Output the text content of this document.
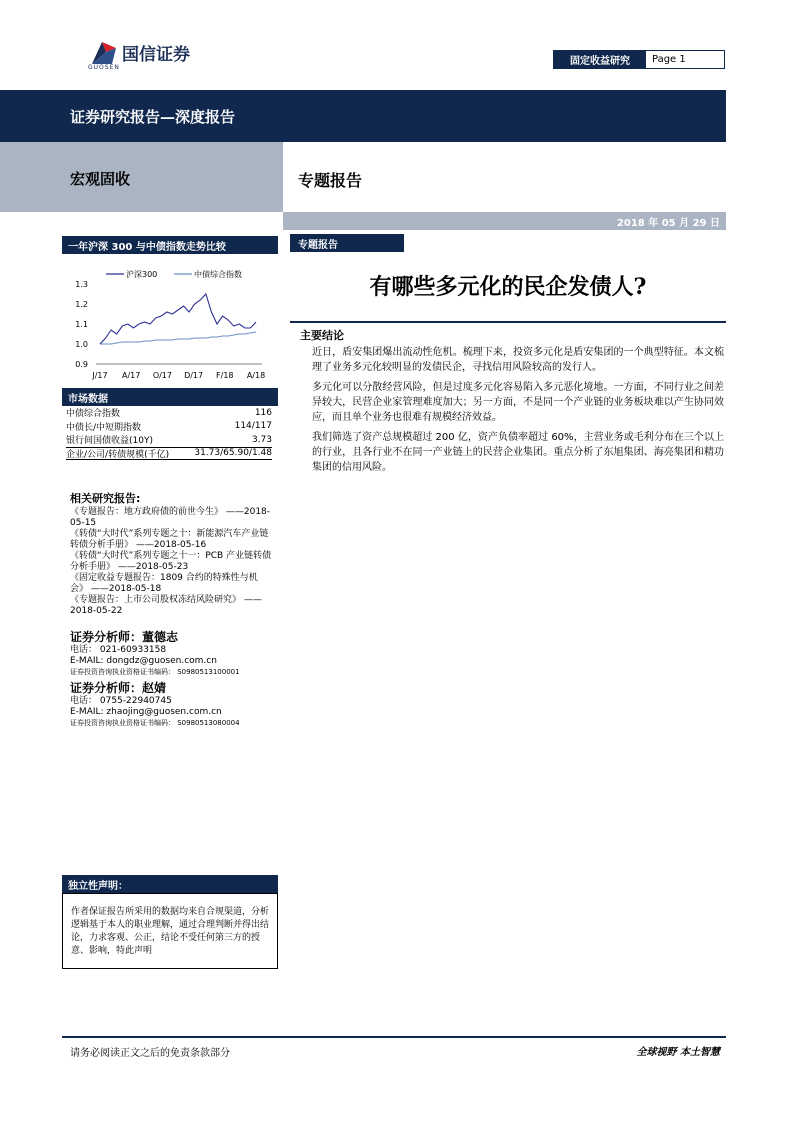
国信证券
GUOSEN
固定收益研究	Page
1
证券研究报告—深度报告
宏观固收	专题报告
2018 年 05 月 29 日
一年沪深 300 与中债指数走势比较
沪深300	中债综合指数
1.3
1.2
1.1
1.0
0.9
J/17 A/17 O/17 D/17 F/18 A/18
市场数据
中债综合指数	116
中债长/中短期指数	114/117
银行间国债收益(10Y)	3.73
企业/公司/转债规模(千亿)	31.73/65.90/1.48
相关研究报告:
《专题报告：地方政府债的前世今生》 ——2018-05-15
《转债“大时代”系列专题之十：新能源汽车产业链转债分析手册》 ——2018-05-16
《转债“大时代”系列专题之十一：PCB 产业链转债分析手册》 ——2018-05-23
《固定收益专题报告：1809 合约的特殊性与机会》 ——2018-05-18
《专题报告：上市公司股权冻结风险研究》 ——2018-05-22
证券分析师：董德志
电话： 021-60933158
E-MAIL: dongdz@guosen.com.cn
证券投资咨询执业资格证书编码： S0980513100001
证券分析师：赵婧
电话： 0755-22940745
E-MAIL: zhaojing@guosen.com.cn
证券投资咨询执业资格证书编码： S0980513080004
独立性声明：
作者保证报告所采用的数据均来自合规渠道，分析逻辑基于本人的职业理解，通过合理判断并得出结论，力求客观、公正，结论不受任何第三方的授意、影响，特此声明
专题报告
有哪些多元化的民企发债人?
主要结论

近日，盾安集团爆出流动性危机。梳理下来，投资多元化是盾安集团的一个典型特征。本文梳理了业务多元化较明显的发债民企，寻找信用风险较高的发行人。

多元化可以分散经营风险，但是过度多元化容易陷入多元恶化境地。一方面，不同行业之间差异较大，民营企业家管理难度加大；另一方面，不是同一个产业链的业务板块难以产生协同效应，而且单个业务也很难有规模经济效益。

我们筛选了资产总规模超过 200 亿，资产负债率超过 60%，主营业务或毛利分布在三个以上的行业，且各行业不在同一产业链上的民营企业集团。重点分析了东旭集团、海亮集团和精功集团的信用风险。

请务必阅读正文之后的免责条款部分	全球视野 本土智慧
